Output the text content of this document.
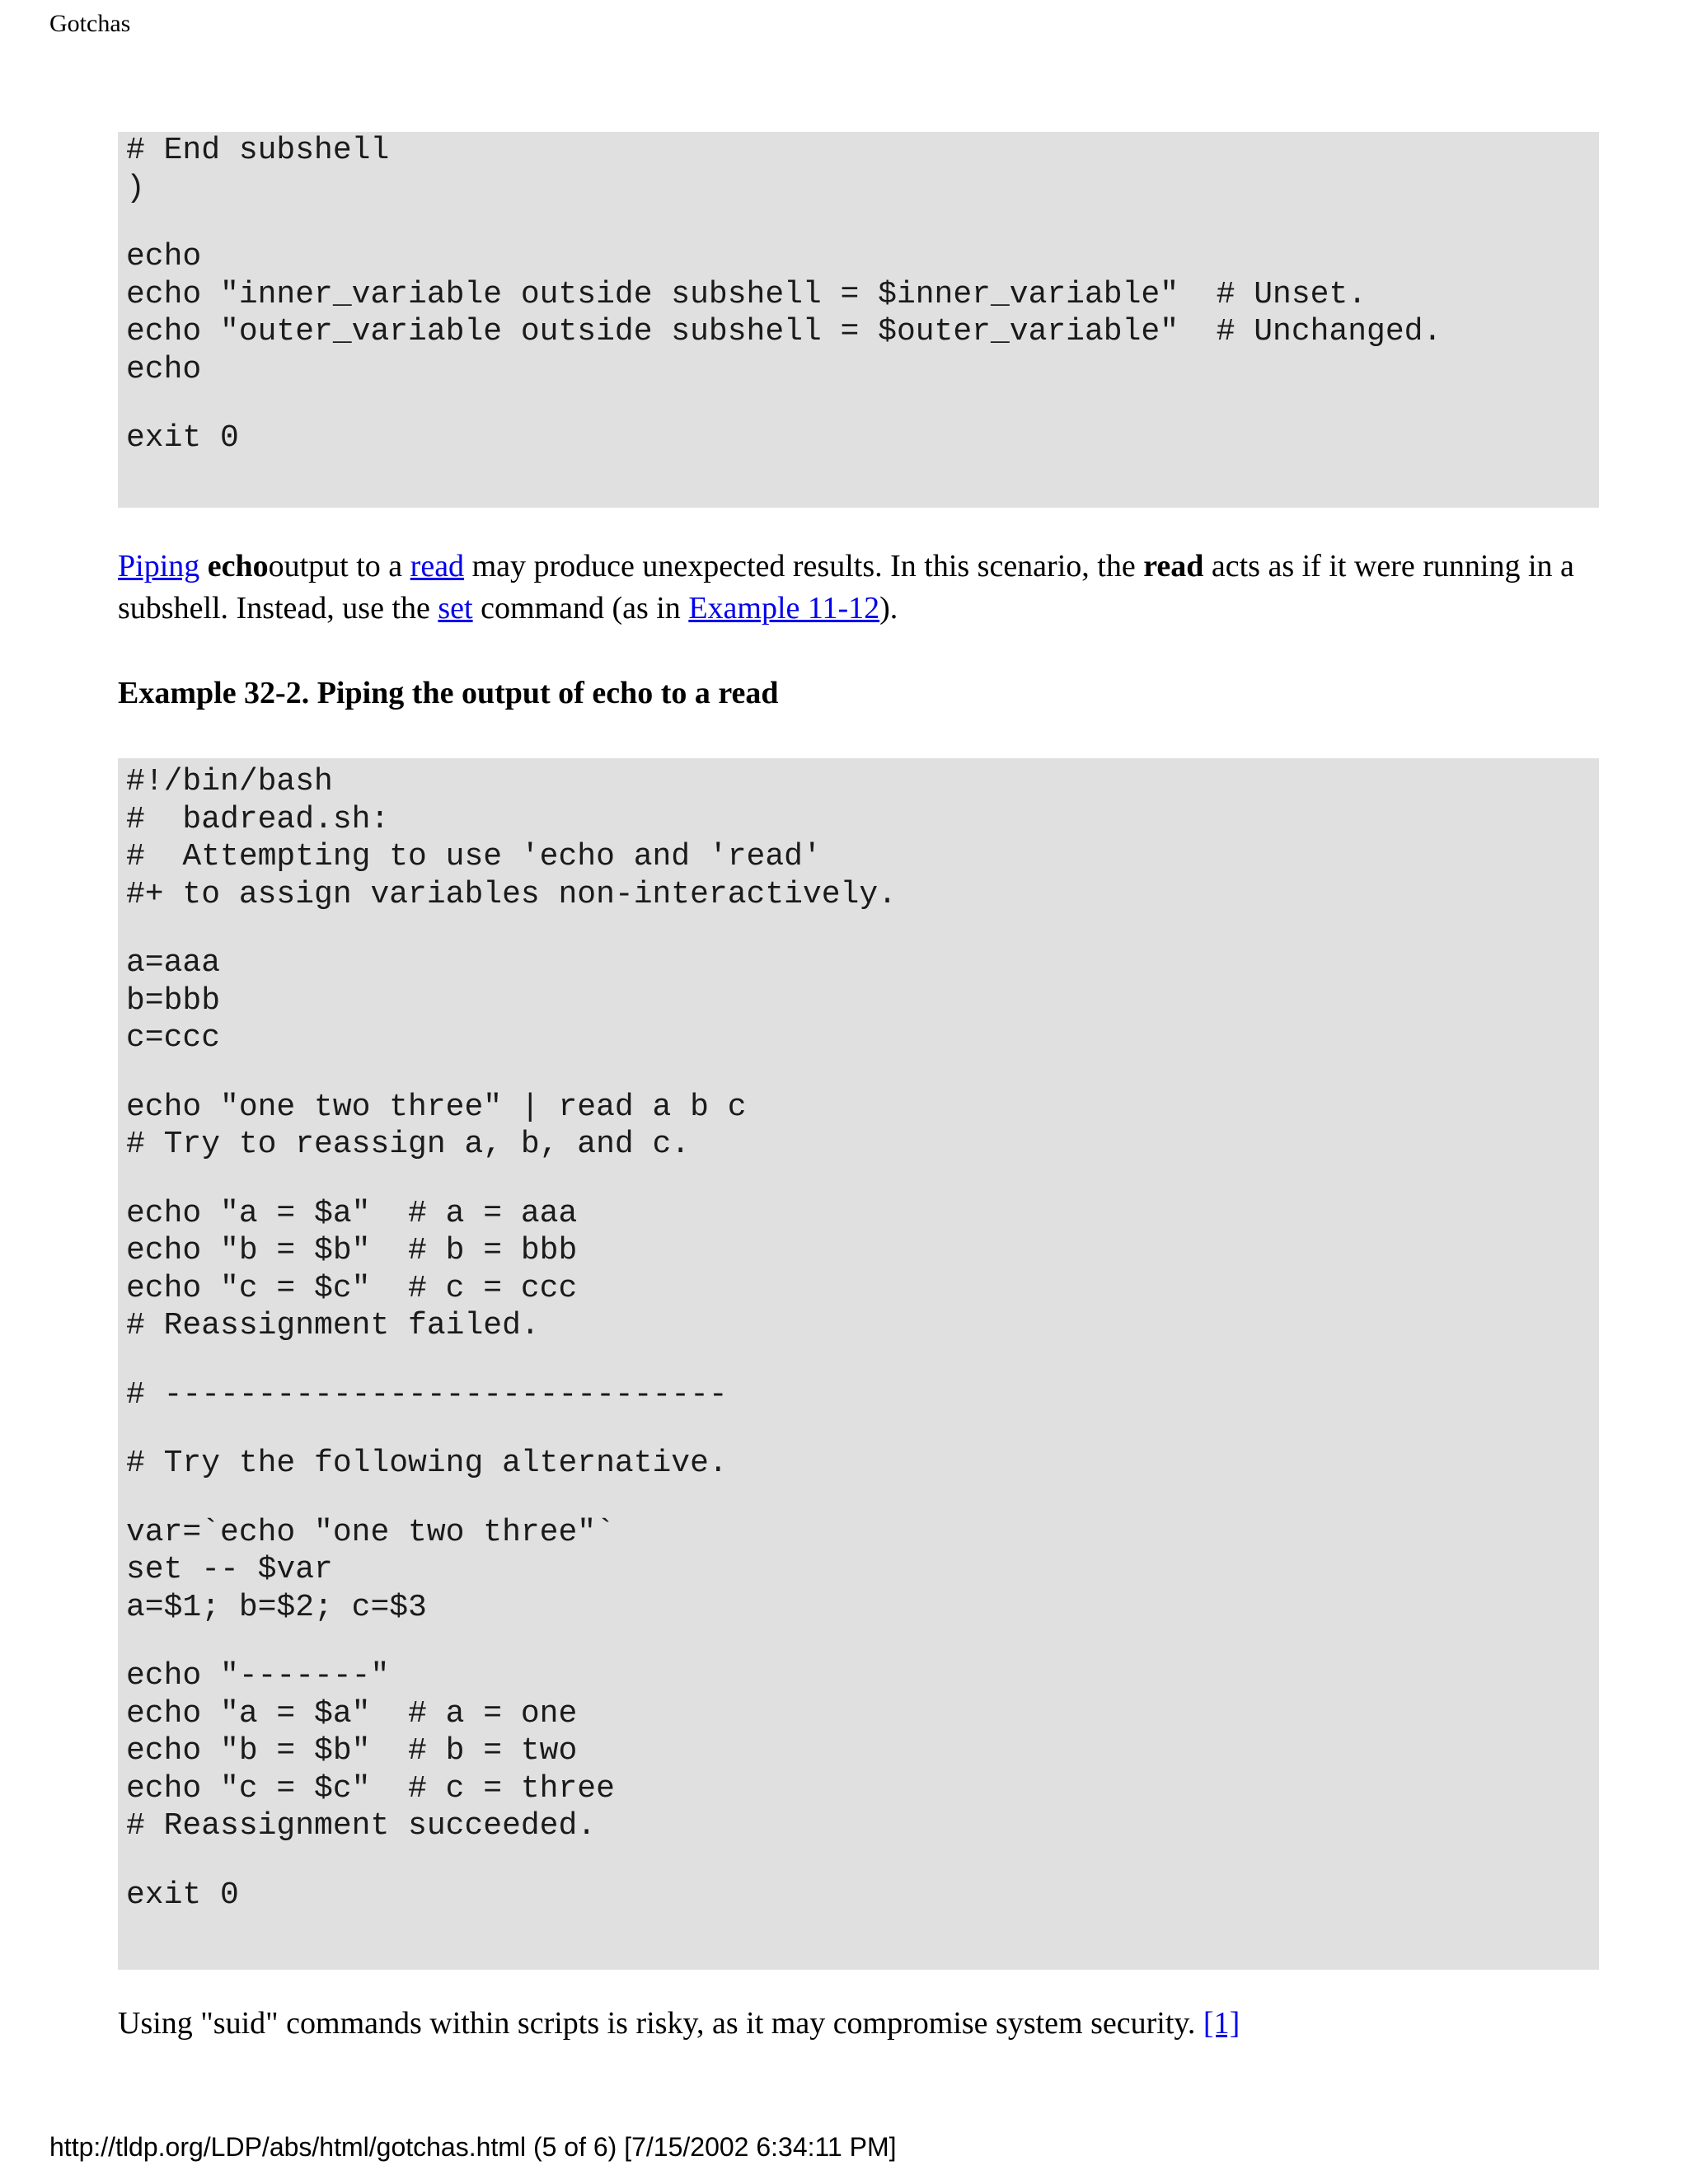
Gotchas
# End subshell
)
echo
echo "inner_variable outside subshell = $inner_variable"  # Unset.
echo "outer_variable outside subshell = $outer_variable"  # Unchanged.
echo
exit 0

Piping echooutput to a read may produce unexpected results. In this scenario, the read acts as if it were running in a subshell. Instead, use the set command (as in Example 11-12).

Example 32-2. Piping the output of echo to a read

#!/bin/bash
#  badread.sh:
#  Attempting to use 'echo and 'read'
#+ to assign variables non-interactively.
a=aaa
b=bbb
c=ccc
echo "one two three" | read a b c
# Try to reassign a, b, and c.
echo "a = $a"  # a = aaa
echo "b = $b"  # b = bbb
echo "c = $c"  # c = ccc
# Reassignment failed.
# ------------------------------
# Try the following alternative.
var=`echo "one two three"`
set -- $var
a=$1; b=$2; c=$3
echo "-------"
echo "a = $a"  # a = one
echo "b = $b"  # b = two
echo "c = $c"  # c = three
# Reassignment succeeded.
exit 0

Using "suid" commands within scripts is risky, as it may compromise system security. [1]

http://tldp.org/LDP/abs/html/gotchas.html (5 of 6) [7/15/2002 6:34:11 PM]
